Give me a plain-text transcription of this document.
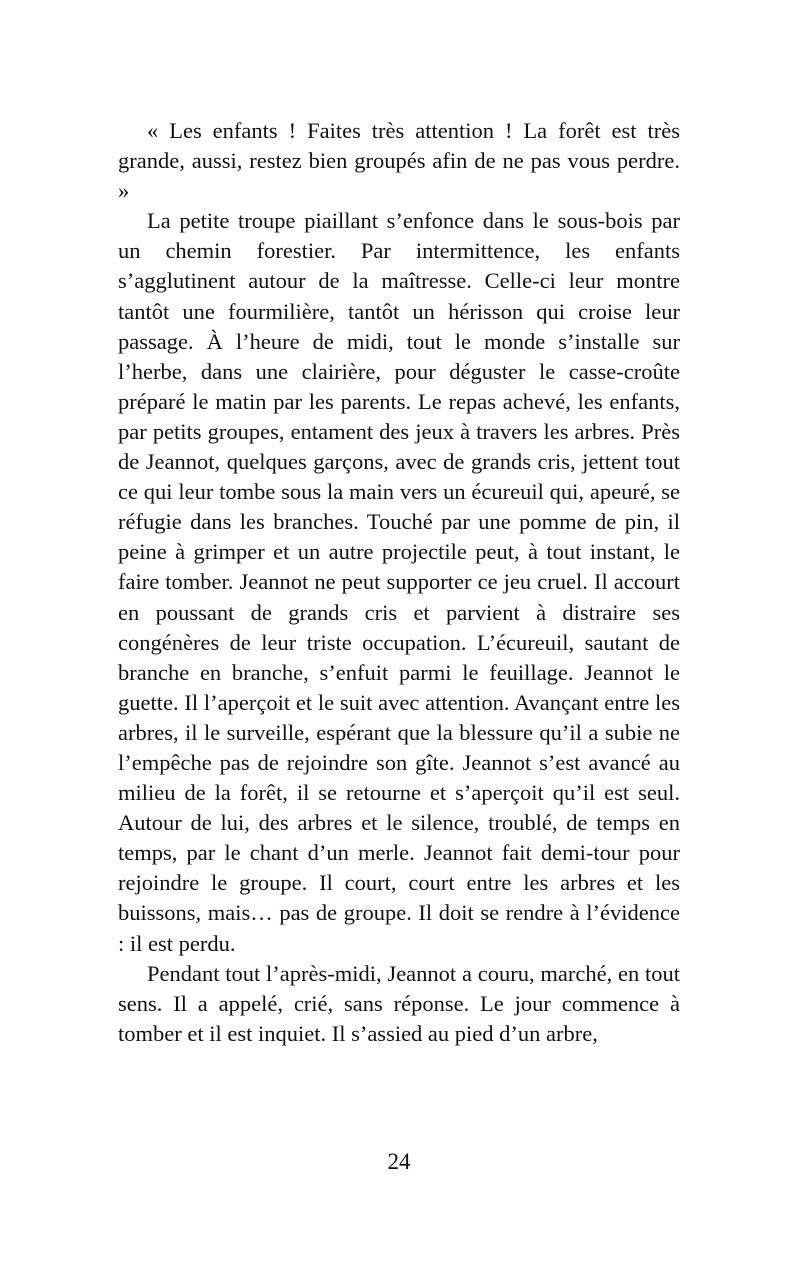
« Les enfants ! Faites très attention ! La forêt est très grande, aussi, restez bien groupés afin de ne pas vous perdre. »

La petite troupe piaillant s’enfonce dans le sous-bois par un chemin forestier. Par intermittence, les enfants s’agglutinent autour de la maîtresse. Celle-ci leur montre tantôt une fourmilière, tantôt un hérisson qui croise leur passage. À l’heure de midi, tout le monde s’installe sur l’herbe, dans une clairière, pour déguster le casse-croûte préparé le matin par les parents. Le repas achevé, les enfants, par petits groupes, entament des jeux à travers les arbres. Près de Jeannot, quelques garçons, avec de grands cris, jettent tout ce qui leur tombe sous la main vers un écureuil qui, apeuré, se réfugie dans les branches. Touché par une pomme de pin, il peine à grimper et un autre projectile peut, à tout instant, le faire tomber. Jeannot ne peut supporter ce jeu cruel. Il accourt en poussant de grands cris et parvient à distraire ses congénères de leur triste occupation. L’écureuil, sautant de branche en branche, s’enfuit parmi le feuillage. Jeannot le guette. Il l’aperçoit et le suit avec attention. Avançant entre les arbres, il le surveille, espérant que la blessure qu’il a subie ne l’empêche pas de rejoindre son gîte. Jeannot s’est avancé au milieu de la forêt, il se retourne et s’aperçoit qu’il est seul. Autour de lui, des arbres et le silence, troublé, de temps en temps, par le chant d’un merle. Jeannot fait demi-tour pour rejoindre le groupe. Il court, court entre les arbres et les buissons, mais… pas de groupe. Il doit se rendre à l’évidence : il est perdu.

Pendant tout l’après-midi, Jeannot a couru, marché, en tout sens. Il a appelé, crié, sans réponse. Le jour commence à tomber et il est inquiet. Il s’assied au pied d’un arbre,

24
